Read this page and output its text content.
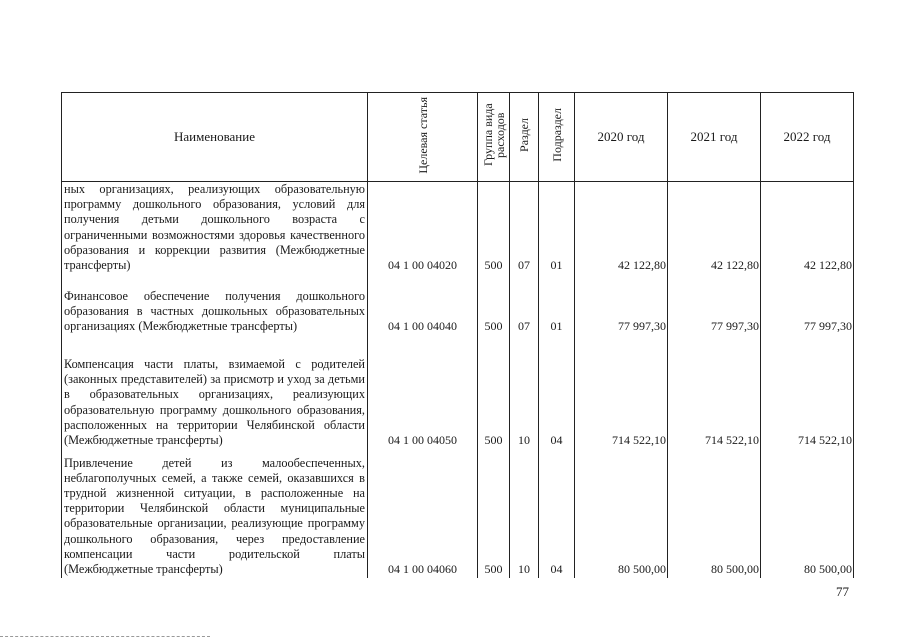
Наименование	Целевая статья	Группа вида расходов	Раздел	Подраздел	2020 год	2021 год	2022 год
ных организациях, реализующих образовательную программу дошкольного образования, условий для получения детьми дошкольного возраста с ограниченными возможностями здоровья качественного образования и коррекции развития (Межбюджетные трансферты)	04 1 00 04020	500	07	01	42 122,80	42 122,80	42 122,80
Финансовое обеспечение получения дошкольного образования в частных дошкольных образовательных организациях (Межбюджетные трансферты)	04 1 00 04040	500	07	01	77 997,30	77 997,30	77 997,30
Компенсация части платы, взимаемой с родителей (законных представителей) за присмотр и уход за детьми в образовательных организациях, реализующих образовательную программу дошкольного образования, расположенных на территории Челябинской области (Межбюджетные трансферты)	04 1 00 04050	500	10	04	714 522,10	714 522,10	714 522,10
Привлечение детей из малообеспеченных, неблагополучных семей, а также семей, оказавшихся в трудной жизненной ситуации, в расположенные на территории Челябинской области муниципальные образовательные организации, реализующие программу дошкольного образования, через предоставление компенсации части родительской платы (Межбюджетные трансферты)	04 1 00 04060	500	10	04	80 500,00	80 500,00	80 500,00
77
